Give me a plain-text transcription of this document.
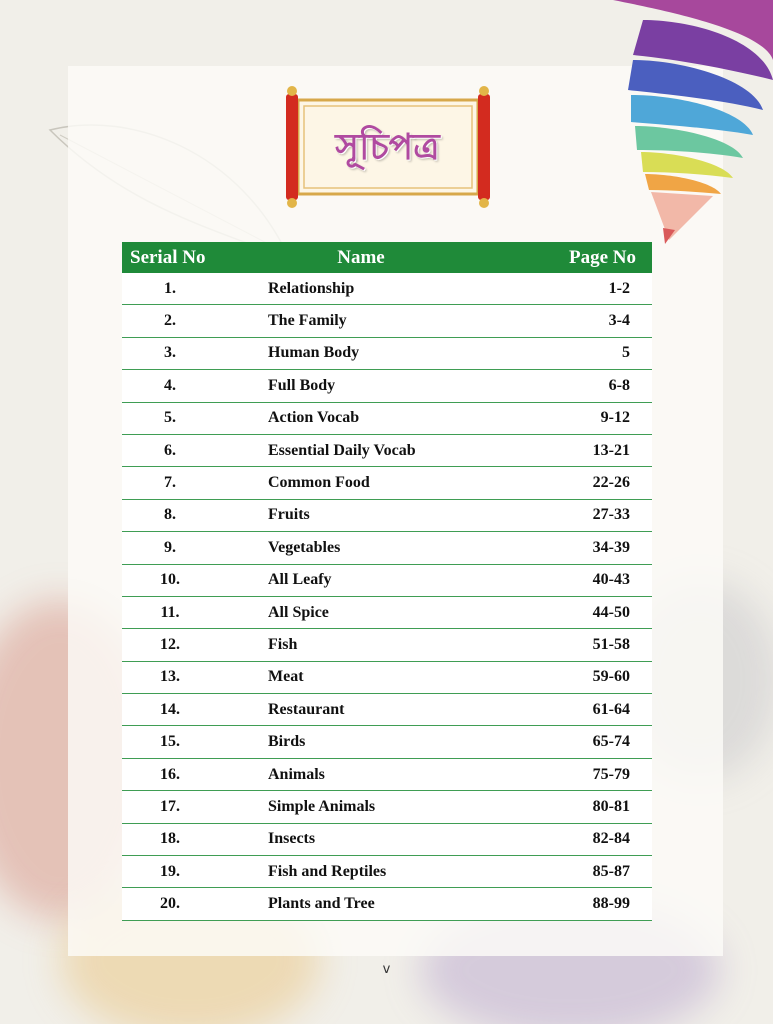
সূচিপত্র
Serial No	Name	Page No
1.	Relationship	1-2
2.	The Family	3-4
3.	Human Body	5
4.	Full Body	6-8
5.	Action Vocab	9-12
6.	Essential Daily Vocab	13-21
7.	Common Food	22-26
8.	Fruits	27-33
9.	Vegetables	34-39
10.	All Leafy	40-43
11.	All Spice	44-50
12.	Fish	51-58
13.	Meat	59-60
14.	Restaurant	61-64
15.	Birds	65-74
16.	Animals	75-79
17.	Simple Animals	80-81
18.	Insects	82-84
19.	Fish and Reptiles	85-87
20.	Plants and Tree	88-99
v
